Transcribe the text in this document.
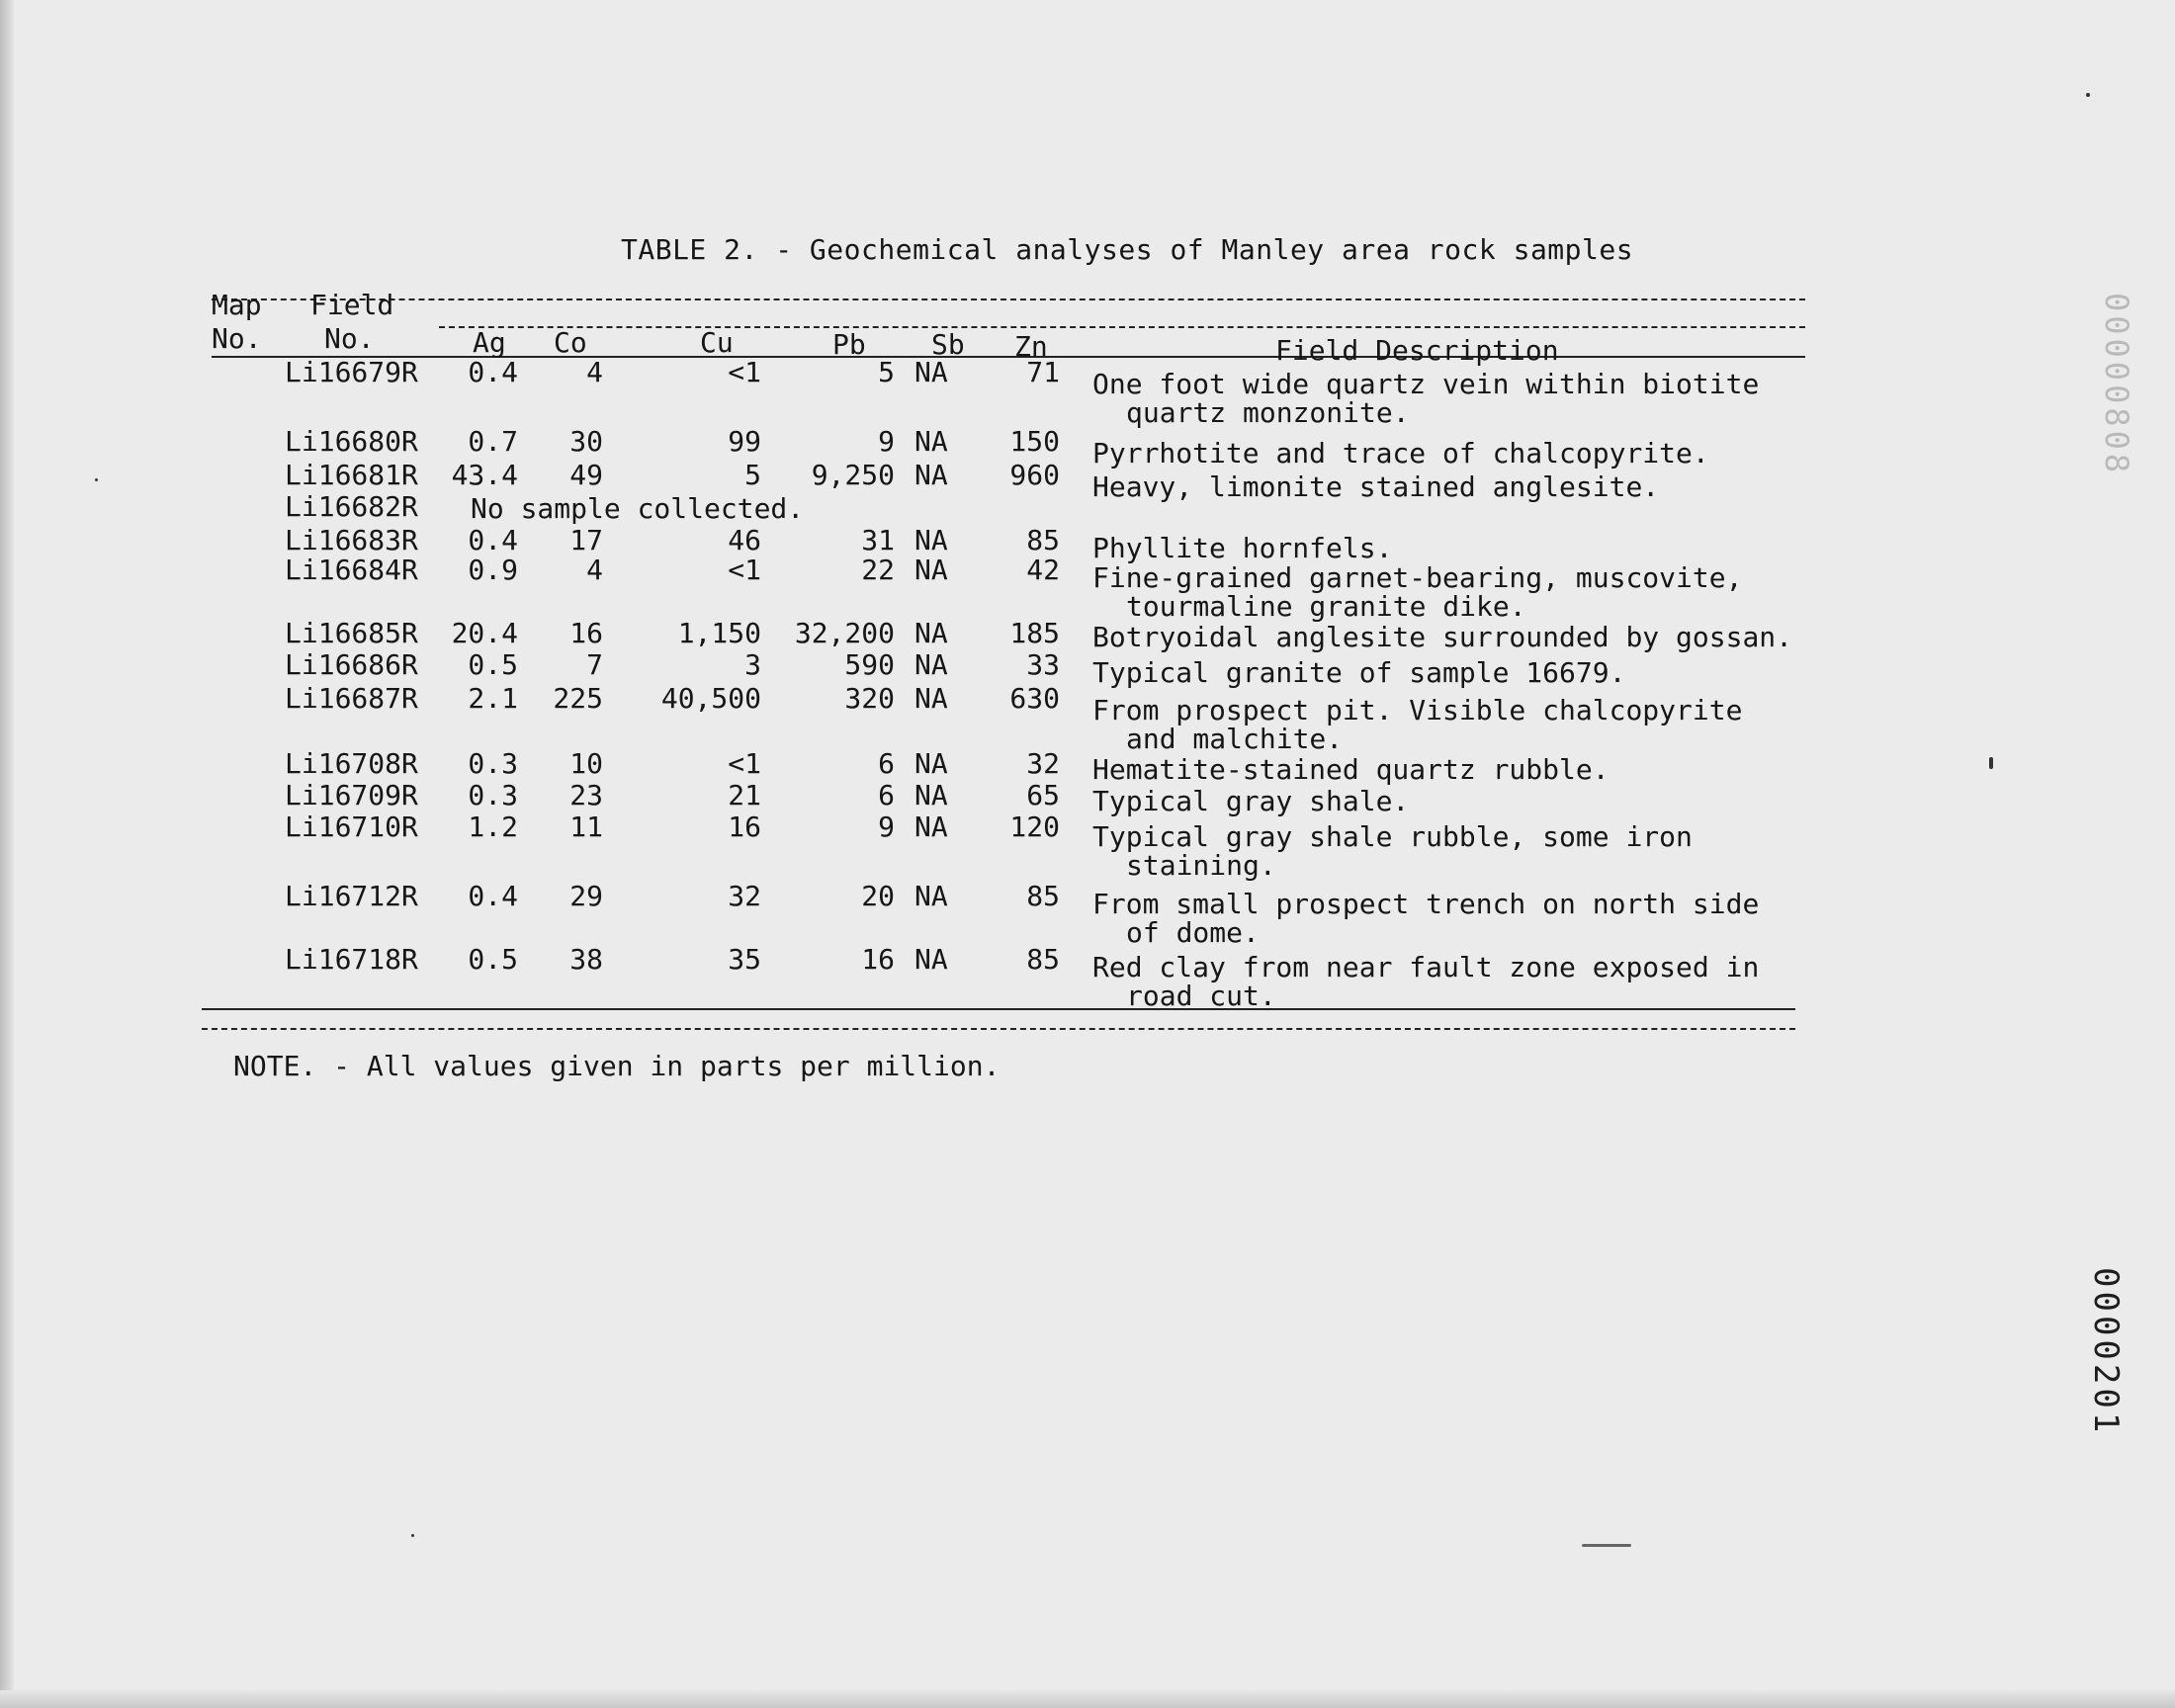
TABLE 2. - Geochemical analyses of Manley area rock samples
Map
No.
Field
No.	Ag Co	Cu	Pb Sb Zn	Field Description
Li16679R	0.4	4	<1	5 NA	71 One foot wide quartz vein within biotite
quartz monzonite.
Li16680R	0.7	30	99	9 NA	150 Pyrrhotite and trace of chalcopyrite.
Li16681R 43.4	49	5	9,250 NA	960 Heavy, limonite stained anglesite.
Li16682R No sample collected.
Li16683R	0.4	17	46	31 NA	85 Phyllite hornfels.
Li16684R	0.9	4	<1	22 NA	42 Fine-grained garnet-bearing, muscovite,
tourmaline granite dike.
Li16685R 20.4	16	1,150	32,200 NA	185 Botryoidal anglesite surrounded by gossan.
Li16686R	0.5	7	3	590 NA	33 Typical granite of sample 16679.
Li16687R	2.1	225	40,500	320 NA	630 From prospect pit. Visible chalcopyrite
and malchite.
Li16708R	0.3	10	<1	6 NA	32 Hematite-stained quartz rubble.
Li16709R	0.3	23	21	6 NA	65 Typical gray shale.
Li16710R	1.2	11	16	9 NA	120 Typical gray shale rubble, some iron
staining.
Li16712R	0.4	29	32	20 NA	85 From small prospect trench on north side
of dome.
Li16718R	0.5	38	35	16 NA	85 Red clay from near fault zone exposed in
road cut.
NOTE. - All values given in parts per million.
00000808
0000201
